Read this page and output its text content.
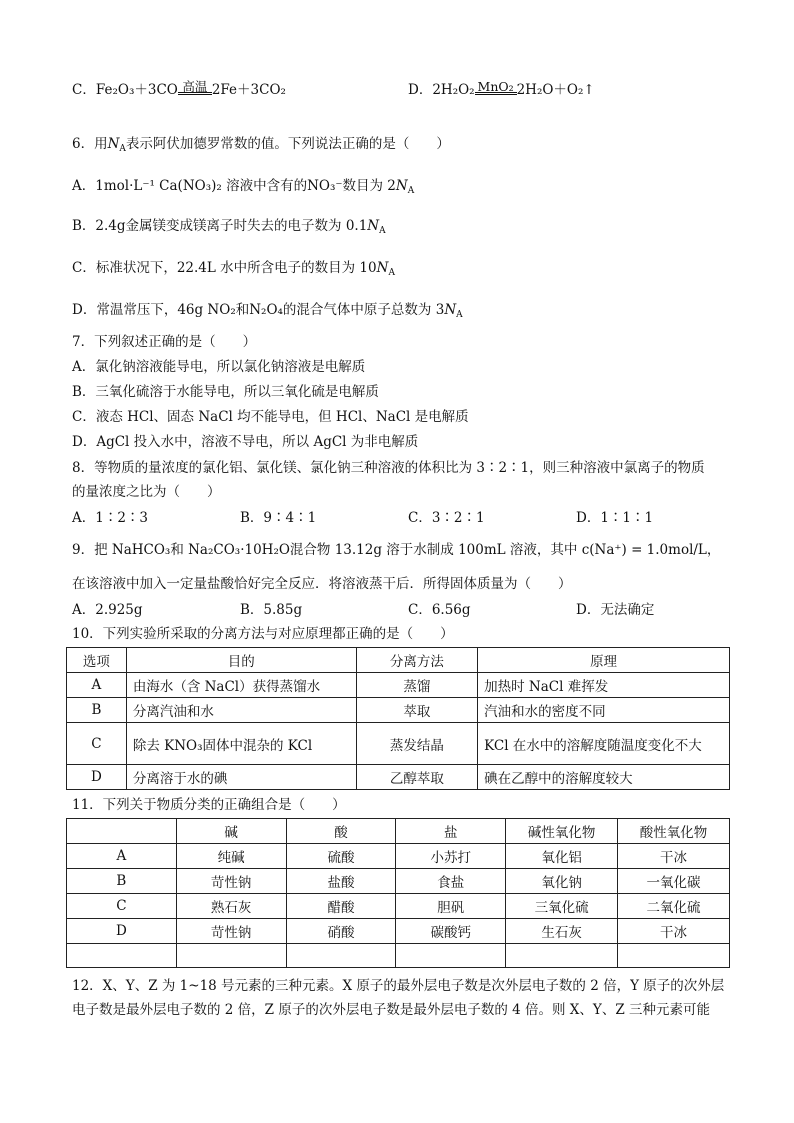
C．Fe₂O₃＋3CO 高温 2Fe＋3CO₂	D．2H₂O₂ MnO₂ 2H₂O＋O₂↑
6．用$N_A$表示阿伏加德罗常数的值。下列说法正确的是（　　）
A．1mol·L⁻¹ Ca(NO₃)₂ 溶液中含有的NO₃⁻数目为 $2N_A$
B．2.4g金属镁变成镁离子时失去的电子数为 $0.1N_A$
C．标准状况下，22.4L 水中所含电子的数目为 $10N_A$
D．常温常压下，46g NO₂和N₂O₄的混合气体中原子总数为 $3N_A$
7．下列叙述正确的是（　　）
A．氯化钠溶液能导电，所以氯化钠溶液是电解质
B．三氧化硫溶于水能导电，所以三氧化硫是电解质
C．液态 HCl、固态 NaCl 均不能导电，但 HCl、NaCl 是电解质
D．AgCl 投入水中，溶液不导电，所以 AgCl 为非电解质
8．等物质的量浓度的氯化铝、氯化镁、氯化钠三种溶液的体积比为 3∶2∶1，则三种溶液中氯离子的物质
的量浓度之比为（　　）
A．1∶2∶3	B．9∶4∶1	C．3∶2∶1	D．1∶1∶1
9．把 NaHCO₃和 Na₂CO₃·10H₂O混合物 13.12g 溶于水制成 100mL 溶液，其中 c(Na⁺) = 1.0mol/L，
在该溶液中加入一定量盐酸恰好完全反应．将溶液蒸干后．所得固体质量为（　　）
A．2.925g	B．5.85g	C．6.56g	D．无法确定
10．下列实验所采取的分离方法与对应原理都正确的是（　　）
选项	目的	分离方法	原理
A	由海水（含 NaCl）获得蒸馏水	蒸馏	加热时 NaCl 难挥发
B	分离汽油和水	萃取	汽油和水的密度不同
C	除去 KNO₃固体中混杂的 KCl	蒸发结晶	KCl 在水中的溶解度随温度变化不大
D	分离溶于水的碘	乙醇萃取	碘在乙醇中的溶解度较大
11．下列关于物质分类的正确组合是（　　）
	碱	酸	盐	碱性氧化物	酸性氧化物
A	纯碱	硫酸	小苏打	氧化铝	干冰
B	苛性钠	盐酸	食盐	氧化钠	一氧化碳
C	熟石灰	醋酸	胆矾	三氧化硫	二氧化硫
D	苛性钠	硝酸	碳酸钙	生石灰	干冰

12．X、Y、Z 为 1~18 号元素的三种元素。X 原子的最外层电子数是次外层电子数的 2 倍，Y 原子的次外层
电子数是最外层电子数的 2 倍，Z 原子的次外层电子数是最外层电子数的 4 倍。则 X、Y、Z 三种元素可能
